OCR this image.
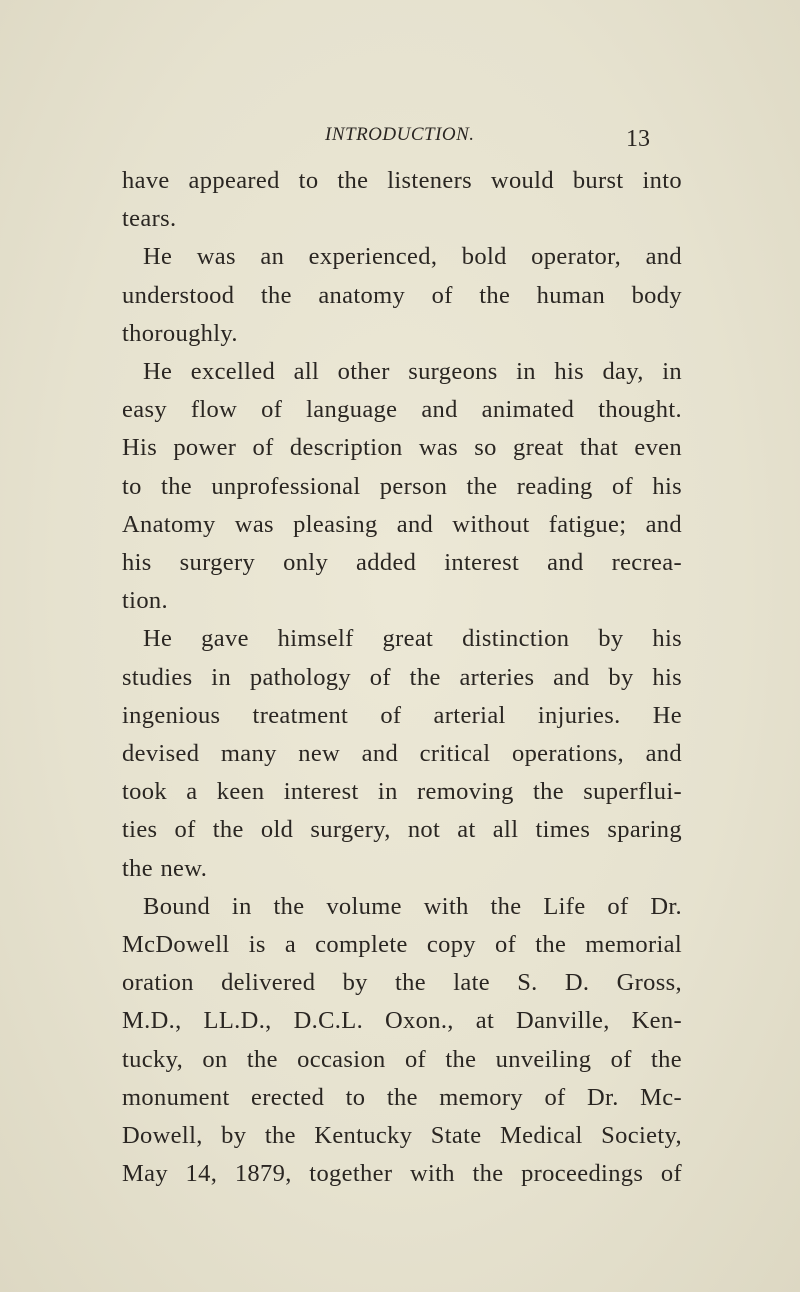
INTRODUCTION.	13
have appeared to the listeners would burst into
tears.
He was an experienced, bold operator, and
understood the anatomy of the human body
thoroughly.
He excelled all other surgeons in his day, in
easy flow of language and animated thought.
His power of description was so great that even
to the unprofessional person the reading of his
Anatomy was pleasing and without fatigue; and
his surgery only added interest and recrea-
tion.
He gave himself great distinction by his
studies in pathology of the arteries and by his
ingenious treatment of arterial injuries. He
devised many new and critical operations, and
took a keen interest in removing the superflui-
ties of the old surgery, not at all times sparing
the new.
Bound in the volume with the Life of Dr.
McDowell is a complete copy of the memorial
oration delivered by the late S. D. Gross,
M.D., LL.D., D.C.L. Oxon., at Danville, Ken-
tucky, on the occasion of the unveiling of the
monument erected to the memory of Dr. Mc-
Dowell, by the Kentucky State Medical Society,
May 14, 1879, together with the proceedings of
